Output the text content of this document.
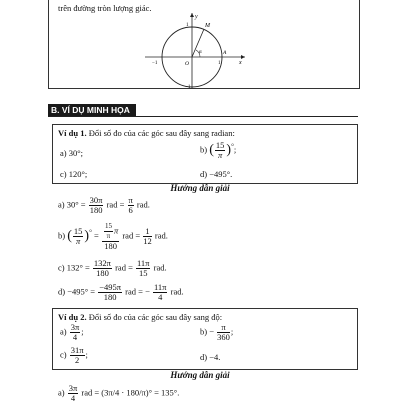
trên đường tròn lượng giác.
y
M
α
O
A
1	x
−1
1
−1
B. VÍ DỤ MINH HỌA
Ví dụ 1. Đổi số đo của các góc sau đây sang radian:
a) 30°;	b) ( $\frac{15}{\pi} )^\circ$;
c) 120°;	d) −495°.
Hướng dẫn giải
a) $30^\circ = \frac{30\pi}{180}$ rad = $\frac{\pi}{6}$ rad.
b) ( $\frac{15}{\pi} )^\circ = \frac{\frac{15}{\pi} \pi}{180}$ rad = $\frac{1}{12}$ rad.
c) $132^\circ = \frac{132\pi}{180}$ rad = $\frac{11\pi}{15}$ rad.
$d) -495^\circ = \frac{-495\pi}{180}$ rad = − $\frac{11\pi}{4}$ rad.
Ví dụ 2. Đổi số đo của các góc sau đây sang độ:
$a) \frac{3\pi}{4}$ ;	$b) - \frac{\pi}{360}$ ;
$c) \frac{31\pi}{2}$ ;	d) −4.
Hướng dẫn giải
$a) \frac{3\pi}{4}$ rad = (3π/4 · 180/π)° = 135°.
